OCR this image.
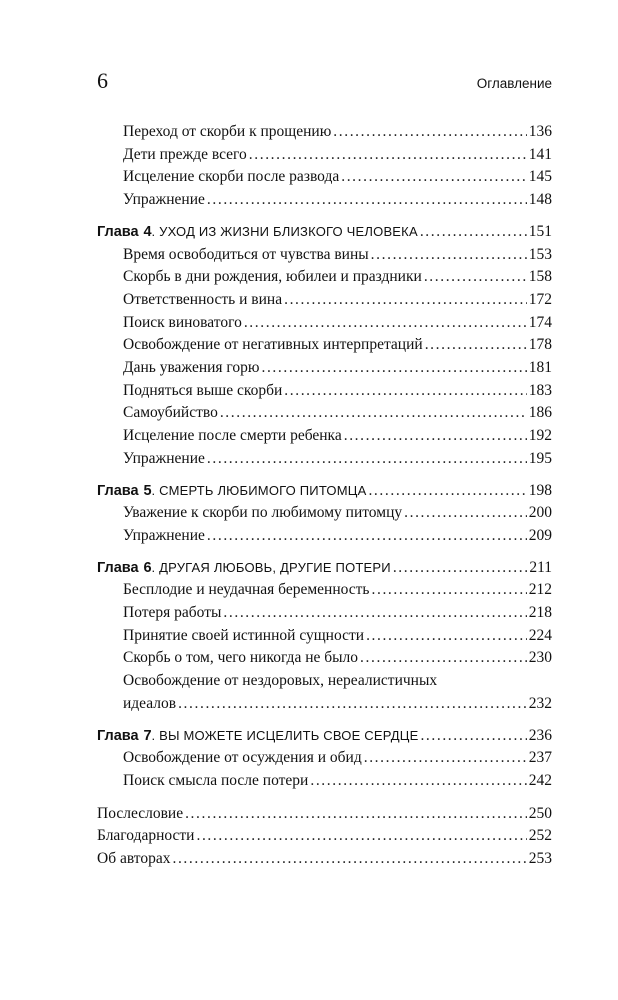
6	Оглавление
Переход от скорби к прощению .....	136
Дети прежде всего .....	141
Исцеление скорби после развода .....	145
Упражнение .....	148
Глава 4. УХОД ИЗ ЖИЗНИ БЛИЗКОГО ЧЕЛОВЕКА .....	151
Время освободиться от чувства вины .....	153
Скорбь в дни рождения, юбилеи и праздники .....	158
Ответственность и вина .....	172
Поиск виноватого .....	174
Освобождение от негативных интерпретаций .....	178
Дань уважения горю .....	181
Подняться выше скорби .....	183
Самоубийство .....	186
Исцеление после смерти ребенка .....	192
Упражнение .....	195
Глава 5. СМЕРТЬ ЛЮБИМОГО ПИТОМЦА .....	198
Уважение к скорби по любимому питомцу .....	200
Упражнение .....	209
Глава 6. ДРУГАЯ ЛЮБОВЬ, ДРУГИЕ ПОТЕРИ .....	211
Бесплодие и неудачная беременность .....	212
Потеря работы .....	218
Принятие своей истинной сущности .....	224
Скорбь о том, чего никогда не было .....	230
Освобождение от нездоровых, нереалистичных
идеалов .....	232
Глава 7. ВЫ МОЖЕТЕ ИСЦЕЛИТЬ СВОЕ СЕРДЦЕ .....	236
Освобождение от осуждения и обид .....	237
Поиск смысла после потери .....	242
Послесловие .....	250
Благодарности .....	252
Об авторах .....	253
